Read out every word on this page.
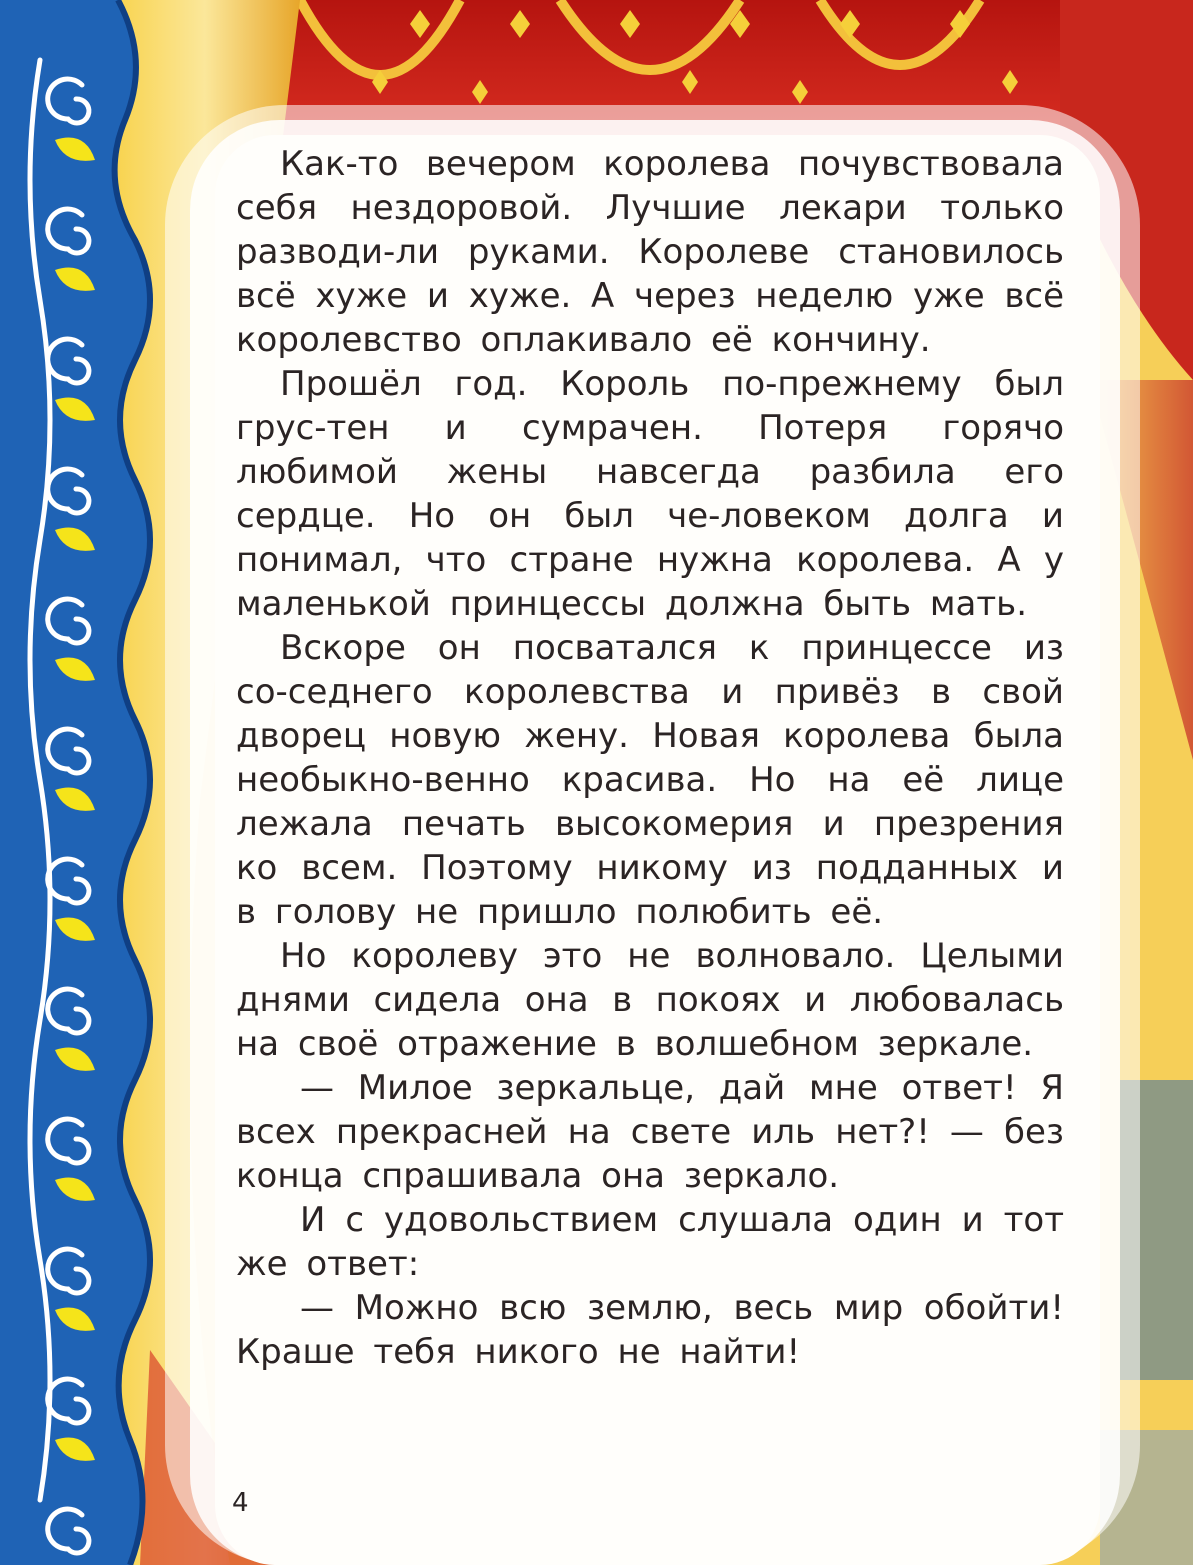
Как-то вечером королева почувствовала себя нездоровой. Лучшие лекари только разводи-ли руками. Королеве становилось всё хуже и хуже. А через неделю уже всё королевство оплакивало её кончину.

Прошёл год. Король по-прежнему был грус-тен и сумрачен. Потеря горячо любимой жены навсегда разбила его сердце. Но он был че-ловеком долга и понимал, что стране нужна королева. А у маленькой принцессы должна быть мать.

Вскоре он посватался к принцессе из со-седнего королевства и привёз в свой дворец новую жену. Новая королева была необыкно-венно красива. Но на её лице лежала печать высокомерия и презрения ко всем. Поэтому никому из подданных и в голову не пришло полюбить её.

Но королеву это не волновало. Целыми днями сидела она в покоях и любовалась на своё отражение в волшебном зеркале.

— Милое зеркальце, дай мне ответ! Я всех прекрасней на свете иль нет?! — без конца спрашивала она зеркало.

И с удовольствием слушала один и тот же ответ:

— Можно всю землю, весь мир обойти! Краше тебя никого не найти!

4
